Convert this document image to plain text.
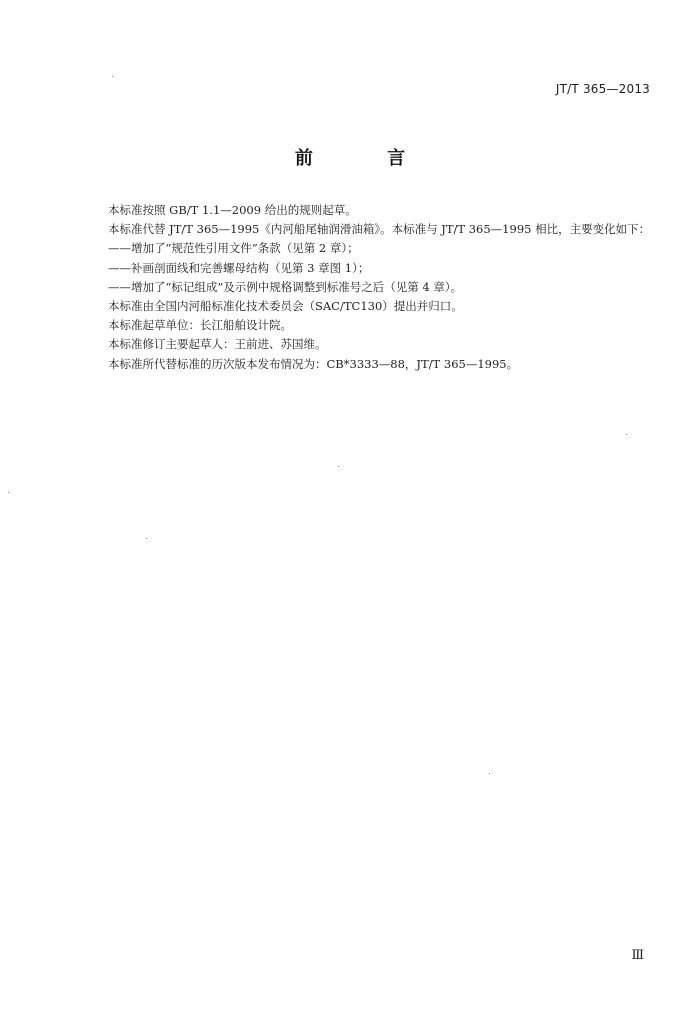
JT/T 365—2013
前 言
本标准按照 GB/T 1.1—2009 给出的规则起草。
本标准代替 JT/T 365—1995《内河船尾轴润滑油箱》。本标准与 JT/T 365—1995 相比，主要变化如下：
——增加了“规范性引用文件”条款（见第 2 章）；
——补画剖面线和完善螺母结构（见第 3 章图 1）；
——增加了“标记组成”及示例中规格调整到标准号之后（见第 4 章）。
本标准由全国内河船标准化技术委员会（SAC/TC130）提出并归口。
本标准起草单位：长江船舶设计院。
本标准修订主要起草人：王前进、苏国维。
本标准所代替标准的历次版本发布情况为：CB*3333—88，JT/T 365—1995。
Ⅲ
